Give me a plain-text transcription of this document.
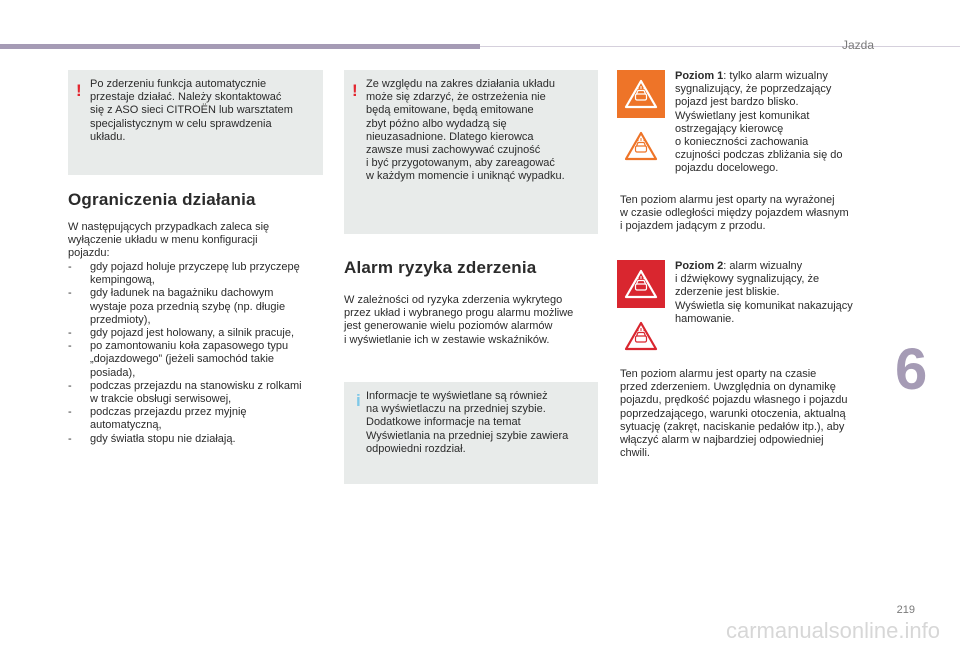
Jazda
! Po zderzeniu funkcja automatycznie
przestaje działać. Należy skontaktować
się z ASO sieci CITROËN lub warsztatem
specjalistycznym w celu sprawdzenia
układu.
Ograniczenia działania
W następujących przypadkach zaleca się
wyłączenie układu w menu konfiguracji
pojazdu:
- gdy pojazd holuje przyczepę lub przyczepę
kempingową,
- gdy ładunek na bagażniku dachowym
wystaje poza przednią szybę (np. długie
przedmioty),
- gdy pojazd jest holowany, a silnik pracuje,
- po zamontowaniu koła zapasowego typu
„dojazdowego” (jeżeli samochód takie
posiada),
- podczas przejazdu na stanowisku z rolkami
w trakcie obsługi serwisowej,
- podczas przejazdu przez myjnię
automatyczną,
- gdy światła stopu nie działają.
! Ze względu na zakres działania układu
może się zdarzyć, że ostrzeżenia nie
będą emitowane, będą emitowane
zbyt późno albo wydadzą się
nieuzasadnione. Dlatego kierowca
zawsze musi zachowywać czujność
i być przygotowanym, aby zareagować
w każdym momencie i uniknąć wypadku.
Alarm ryzyka zderzenia
W zależności od ryzyka zderzenia wykrytego
przez układ i wybranego progu alarmu możliwe
jest generowanie wielu poziomów alarmów
i wyświetlanie ich w zestawie wskaźników.
i Informacje te wyświetlane są również
na wyświetlaczu na przedniej szybie.
Dodatkowe informacje na temat
Wyświetlania na przedniej szybie zawiera
odpowiedni rozdział.
Poziom 1: tylko alarm wizualny
sygnalizujący, że poprzedzający
pojazd jest bardzo blisko.
Wyświetlany jest komunikat
ostrzegający kierowcę
o konieczności zachowania
czujności podczas zbliżania się do
pojazdu docelowego.
Ten poziom alarmu jest oparty na wyrażonej
w czasie odległości między pojazdem własnym
i pojazdem jadącym z przodu.
Poziom 2: alarm wizualny
i dźwiękowy sygnalizujący, że
zderzenie jest bliskie.
Wyświetla się komunikat nakazujący
hamowanie.
Ten poziom alarmu jest oparty na czasie
przed zderzeniem. Uwzględnia on dynamikę
pojazdu, prędkość pojazdu własnego i pojazdu
poprzedzającego, warunki otoczenia, aktualną
sytuację (zakręt, naciskanie pedałów itp.), aby
włączyć alarm w najbardziej odpowiedniej
chwili.
6
219
carmanualsonline.info
